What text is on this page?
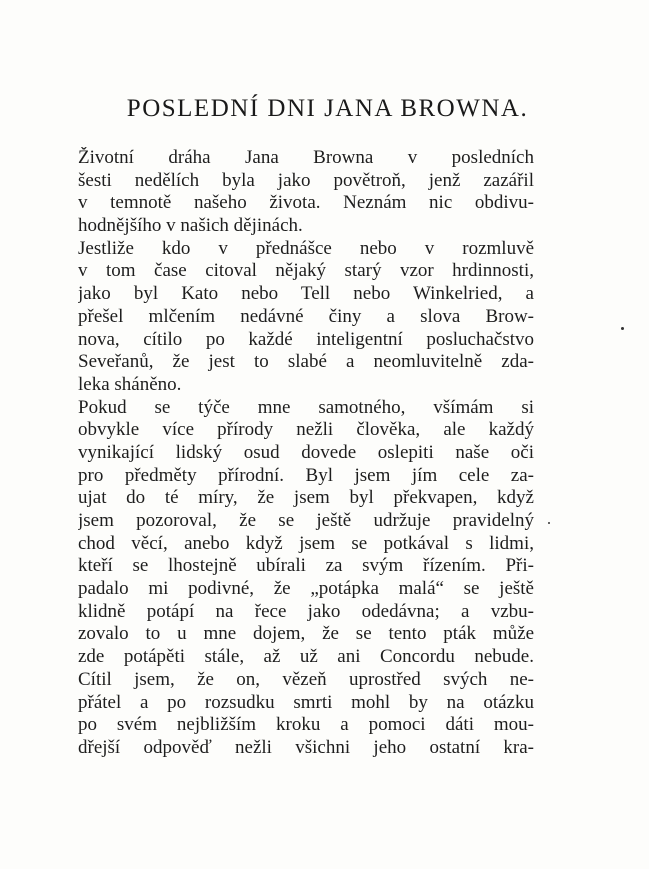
POSLEDNÍ DNI JANA BROWNA.
Životní dráha Jana Browna v posledních
šesti nedělích byla jako povětroň, jenž zazářil
v temnotě našeho života. Neznám nic obdivu-
hodnějšího v našich dějinách.
Jestliže kdo v přednášce nebo v rozmluvě
v tom čase citoval nějaký starý vzor hrdinnosti,
jako byl Kato nebo Tell nebo Winkelried, a
přešel mlčením nedávné činy a slova Brow-
nova, cítilo po každé inteligentní posluchačstvo
Seveřanů, že jest to slabé a neomluvitelně zda-
leka sháněno.
Pokud se týče mne samotného, všímám si
obvykle více přírody nežli člověka, ale každý
vynikající lidský osud dovede oslepiti naše oči
pro předměty přírodní. Byl jsem jím cele za-
ujat do té míry, že jsem byl překvapen, když
jsem pozoroval, že se ještě udržuje pravidelný
chod věcí, anebo když jsem se potkával s lidmi,
kteří se lhostejně ubírali za svým řízením. Při-
padalo mi podivné, že „potápka malá“ se ještě
klidně potápí na řece jako odedávna; a vzbu-
zovalo to u mne dojem, že se tento pták může
zde potápěti stále, až už ani Concordu nebude.
Cítil jsem, že on, vězeň uprostřed svých ne-
přátel a po rozsudku smrti mohl by na otázku
po svém nejbližším kroku a pomoci dáti mou-
dřejší odpověď nežli všichni jeho ostatní kra-
